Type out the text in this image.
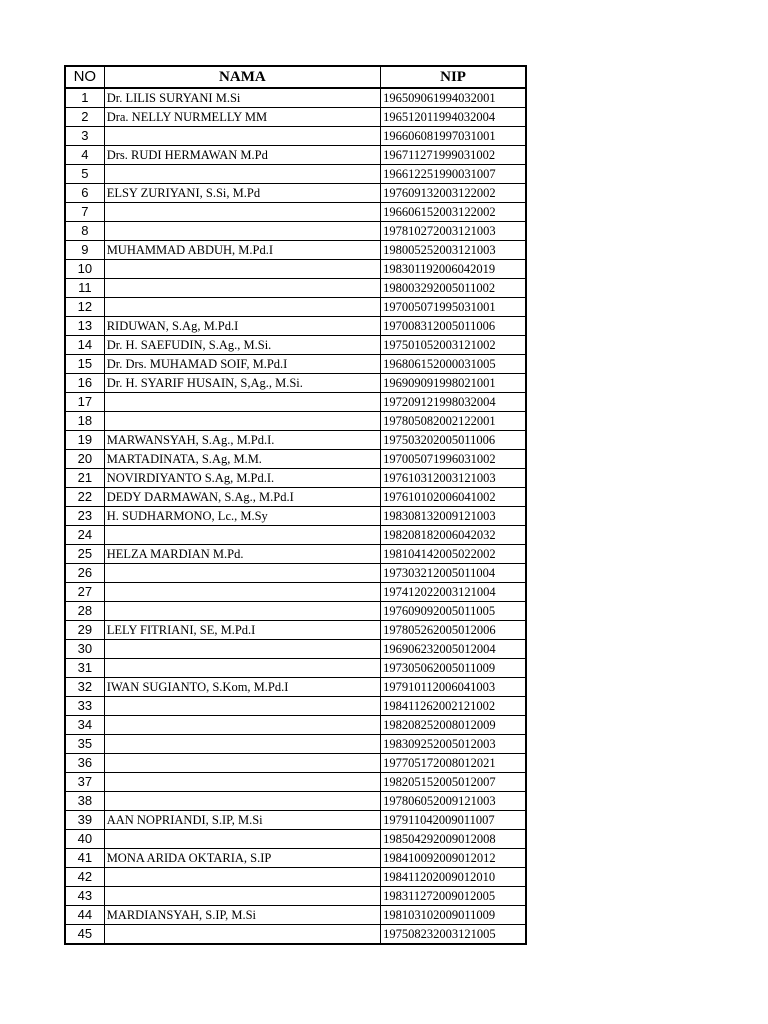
NO	NAMA	NIP
1	Dr. LILIS SURYANI M.Si	196509061994032001
2	Dra. NELLY NURMELLY MM	196512011994032004
3		196606081997031001
4	Drs. RUDI HERMAWAN M.Pd	196711271999031002
5		196612251990031007
6	ELSY ZURIYANI, S.Si, M.Pd	197609132003122002
7		196606152003122002
8		197810272003121003
9	MUHAMMAD ABDUH, M.Pd.I	198005252003121003
10		198301192006042019
11		198003292005011002
12		197005071995031001
13	RIDUWAN, S.Ag, M.Pd.I	197008312005011006
14	Dr. H. SAEFUDIN, S.Ag., M.Si.	197501052003121002
15	Dr. Drs. MUHAMAD SOIF, M.Pd.I	196806152000031005
16	Dr. H. SYARIF HUSAIN, S,Ag., M.Si.	196909091998021001
17		197209121998032004
18		197805082002122001
19	MARWANSYAH, S.Ag., M.Pd.I.	197503202005011006
20	MARTADINATA, S.Ag, M.M.	197005071996031002
21	NOVIRDIYANTO S.Ag, M.Pd.I.	197610312003121003
22	DEDY DARMAWAN, S.Ag., M.Pd.I	197610102006041002
23	H. SUDHARMONO, Lc., M.Sy	198308132009121003
24		198208182006042032
25	HELZA MARDIAN M.Pd.	198104142005022002
26		197303212005011004
27		197412022003121004
28		197609092005011005
29	LELY FITRIANI, SE, M.Pd.I	197805262005012006
30		196906232005012004
31		197305062005011009
32	IWAN SUGIANTO, S.Kom, M.Pd.I	197910112006041003
33		198411262002121002
34		198208252008012009
35		198309252005012003
36		197705172008012021
37		198205152005012007
38		197806052009121003
39	AAN NOPRIANDI, S.IP, M.Si	197911042009011007
40		198504292009012008
41	MONA ARIDA OKTARIA, S.IP	198410092009012012
42		198411202009012010
43		198311272009012005
44	MARDIANSYAH, S.IP, M.Si	198103102009011009
45		197508232003121005
